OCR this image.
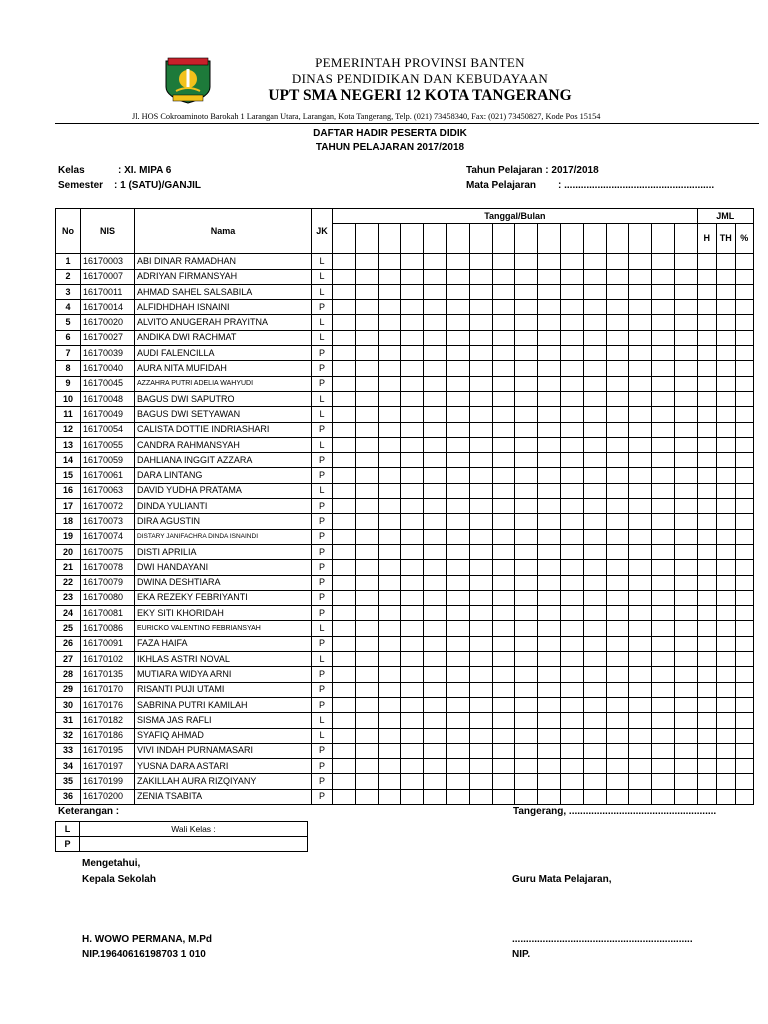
PEMERINTAH PROVINSI BANTEN
DINAS PENDIDIKAN DAN KEBUDAYAAN
UPT SMA NEGERI 12 KOTA TANGERANG
Jl. HOS Cokroaminoto Barokah 1 Larangan Utara, Larangan, Kota Tangerang, Telp. (021) 73458340, Fax: (021) 73450827, Kode Pos 15154
DAFTAR HADIR PESERTA DIDIK
TAHUN PELAJARAN 2017/2018
Kelas	: XI. MIPA 6
Semester : 1 (SATU)/GANJIL
Tahun Pelajaran : 2017/2018
Mata Pelajaran : ......................................................
No	NIS	Nama	JK	Tanggal/Bulan																JML		
																				H	TH	%

1	16170003	ABI DINAR RAMADHAN	L																			
2	16170007	ADRIYAN FIRMANSYAH	L																			
3	16170011	AHMAD SAHEL SALSABILA	L																			
4	16170014	ALFIDHDHAH ISNAINI	P																			
5	16170020	ALVITO ANUGERAH PRAYITNA	L																			
6	16170027	ANDIKA DWI RACHMAT	L																			
7	16170039	AUDI FALENCILLA	P																			
8	16170040	AURA NITA MUFIDAH	P																			
9	16170045	AZZAHRA PUTRI ADELIA WAHYUDI	P																			
10	16170048	BAGUS DWI SAPUTRO	L																			
11	16170049	BAGUS DWI SETYAWAN	L																			
12	16170054	CALISTA DOTTIE INDRIASHARI	P																			
13	16170055	CANDRA RAHMANSYAH	L																			
14	16170059	DAHLIANA INGGIT AZZARA	P																			
15	16170061	DARA LINTANG	P																			
16	16170063	DAVID YUDHA PRATAMA	L																			
17	16170072	DINDA YULIANTI	P																			
18	16170073	DIRA AGUSTIN	P																			
19	16170074	DISTARY JANIFACHRA DINDA ISNAINDI	P																			
20	16170075	DISTI APRILIA	P																			
21	16170078	DWI HANDAYANI	P																			
22	16170079	DWINA DESHTIARA	P																			
23	16170080	EKA REZEKY FEBRIYANTI	P																			
24	16170081	EKY SITI KHORIDAH	P																			
25	16170086	EURICKO VALENTINO FEBRIANSYAH	L																			
26	16170091	FAZA HAIFA	P																			
27	16170102	IKHLAS ASTRI NOVAL	L																			
28	16170135	MUTIARA WIDYA ARNI	P																			
29	16170170	RISANTI PUJI UTAMI	P																			
30	16170176	SABRINA PUTRI KAMILAH	P																			
31	16170182	SISMA JAS RAFLI	L																			
32	16170186	SYAFIQ AHMAD	L																			
33	16170195	VIVI INDAH PURNAMASARI	P																			
34	16170197	YUSNA DARA ASTARI	P																			
35	16170199	ZAKILLAH AURA RIZQIYANY	P																			
36	16170200	ZENIA TSABITA	P																			
Keterangan :
L	Wali Kelas :
P	
Tangerang, .....................................................
Mengetahui,
Kepala Sekolah	Guru Mata Pelajaran,
H. WOWO PERMANA, M.Pd
NIP.19640616198703 1 010
.................................................................
NIP.
